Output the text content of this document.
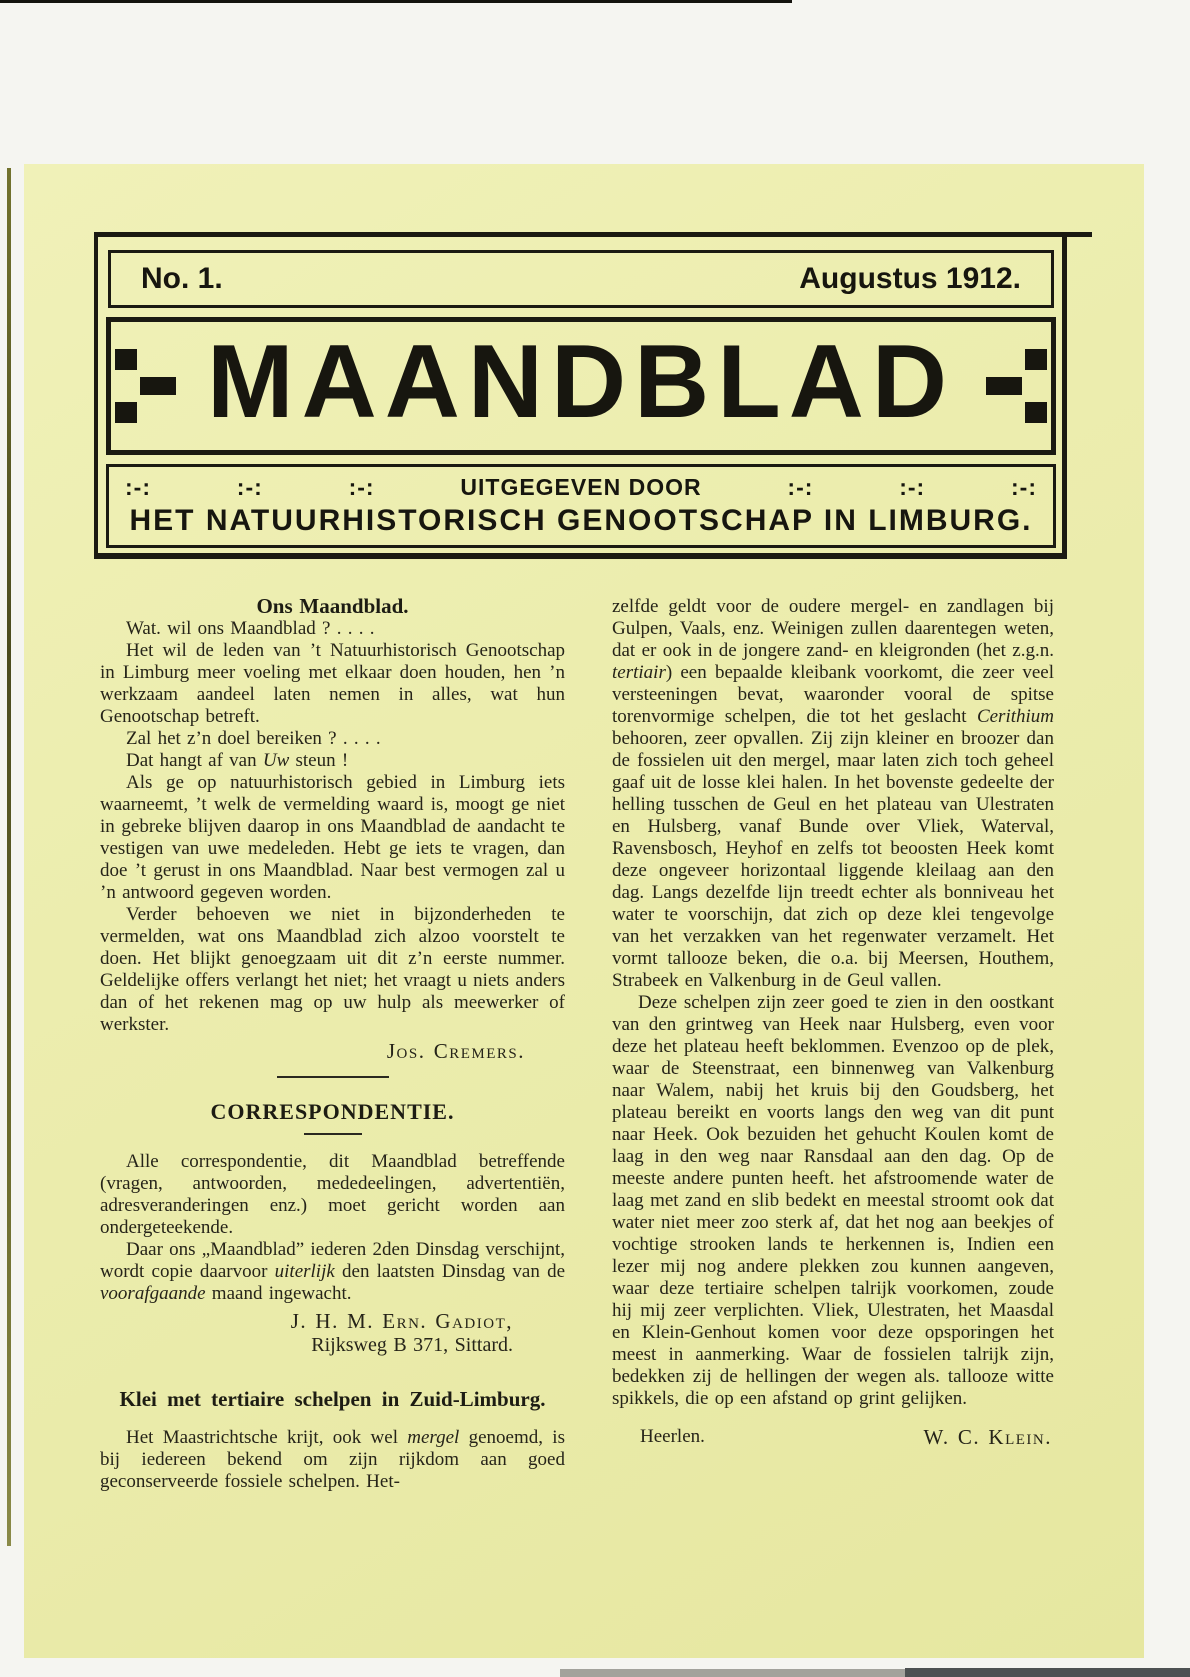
No. 1.	Augustus 1912.
MAANDBLAD
:-:	:-:	:-:	UITGEGEVEN DOOR	:-:	:-:	:-:
HET NATUURHISTORISCH GENOOTSCHAP IN LIMBURG.
Ons Maandblad.

Wat. wil ons Maandblad ? . . . .

Het wil de leden van ’t Natuurhistorisch Genootschap in Limburg meer voeling met elkaar doen houden, hen ’n werkzaam aandeel laten nemen in alles, wat hun Genootschap betreft.

Zal het z’n doel bereiken ? . . . .

Dat hangt af van Uw steun !

Als ge op natuurhistorisch gebied in Limburg iets waarneemt, ’t welk de vermelding waard is, moogt ge niet in gebreke blijven daarop in ons Maandblad de aandacht te vestigen van uwe medeleden. Hebt ge iets te vragen, dan doe ’t gerust in ons Maandblad. Naar best vermogen zal u ’n antwoord gegeven worden.

Verder behoeven we niet in bijzonderheden te vermelden, wat ons Maandblad zich alzoo voorstelt te doen. Het blijkt genoegzaam uit dit z’n eerste nummer. Geldelijke offers verlangt het niet; het vraagt u niets anders dan of het rekenen mag op uw hulp als meewerker of werkster.

Jos. Cremers.
CORRESPONDENTIE.

Alle correspondentie, dit Maandblad betreffende (vragen, antwoorden, mededeelingen, advertentiën, adresveranderingen enz.) moet gericht worden aan ondergeteekende.

Daar ons „Maandblad” iederen 2den Dinsdag verschijnt, wordt copie daarvoor uiterlijk den laatsten Dinsdag van de voorafgaande maand ingewacht.

J. H. M. Ern. Gadiot,
Rijksweg B 371, Sittard.
Klei met tertiaire schelpen in Zuid-Limburg.

Het Maastrichtsche krijt, ook wel mergel genoemd, is bij iedereen bekend om zijn rijkdom aan goed geconserveerde fossiele schelpen. Het-

zelfde geldt voor de oudere mergel- en zandlagen bij Gulpen, Vaals, enz. Weinigen zullen daarentegen weten, dat er ook in de jongere zand- en kleigronden (het z.g.n. tertiair) een bepaalde kleibank voorkomt, die zeer veel versteeningen bevat, waaronder vooral de spitse torenvormige schelpen, die tot het geslacht Cerithium behooren, zeer opvallen. Zij zijn kleiner en broozer dan de fossielen uit den mergel, maar laten zich toch geheel gaaf uit de losse klei halen. In het bovenste gedeelte der helling tusschen de Geul en het plateau van Ulestraten en Hulsberg, vanaf Bunde over Vliek, Waterval, Ravensbosch, Heyhof en zelfs tot beoosten Heek komt deze ongeveer horizontaal liggende kleilaag aan den dag. Langs dezelfde lijn treedt echter als bonniveau het water te voorschijn, dat zich op deze klei tengevolge van het verzakken van het regenwater verzamelt. Het vormt tallooze beken, die o.a. bij Meersen, Houthem, Strabeek en Valkenburg in de Geul vallen.

Deze schelpen zijn zeer goed te zien in den oostkant van den grintweg van Heek naar Hulsberg, even voor deze het plateau heeft beklommen. Evenzoo op de plek, waar de Steenstraat, een binnenweg van Valkenburg naar Walem, nabij het kruis bij den Goudsberg, het plateau bereikt en voorts langs den weg van dit punt naar Heek. Ook bezuiden het gehucht Koulen komt de laag in den weg naar Ransdaal aan den dag. Op de meeste andere punten heeft. het afstroomende water de laag met zand en slib bedekt en meestal stroomt ook dat water niet meer zoo sterk af, dat het nog aan beekjes of vochtige strooken lands te herkennen is, Indien een lezer mij nog andere plekken zou kunnen aangeven, waar deze tertiaire schelpen talrijk voorkomen, zoude hij mij zeer verplichten. Vliek, Ulestraten, het Maasdal en Klein-Genhout komen voor deze opsporingen het meest in aanmerking. Waar de fossielen talrijk zijn, bedekken zij de hellingen der wegen als. tallooze witte spikkels, die op een afstand op grint gelijken.

Heerlen.	W. C. Klein.
